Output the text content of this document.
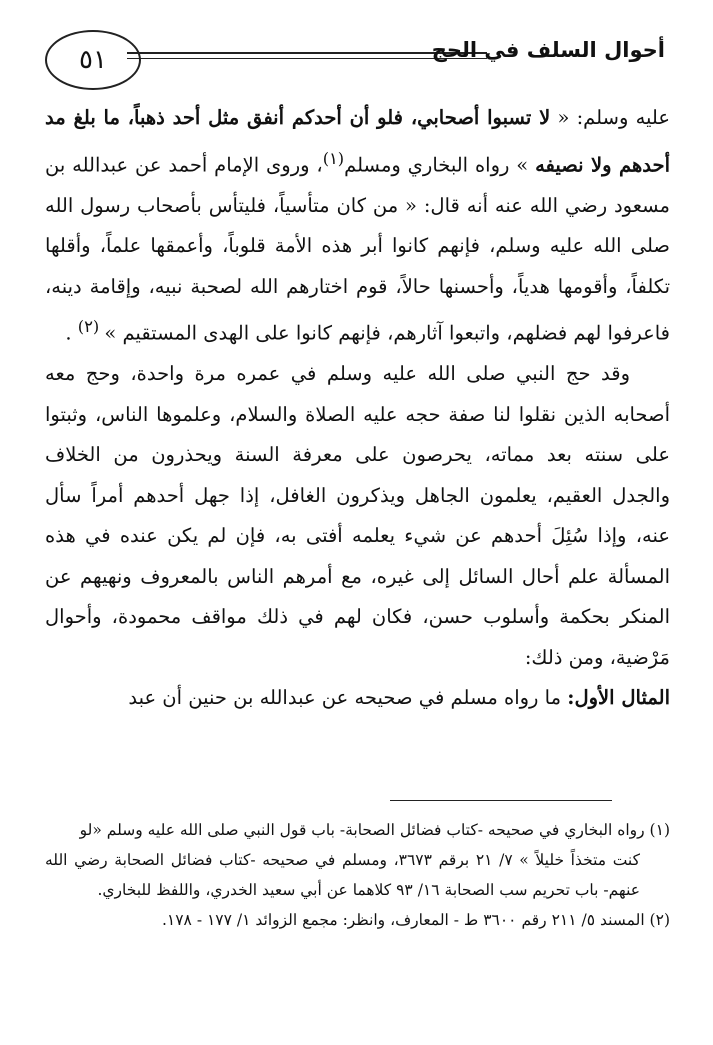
٥١	أحوال السلف في الحج

عليه وسلم: « لا تسبوا أصحابي، فلو أن أحدكم أنفق مثل أحد ذهباً، ما بلغ مد أحدهم ولا نصيفه » رواه البخاري ومسلم$^{(١)}$، وروى الإمام أحمد عن عبدالله بن مسعود رضي الله عنه أنه قال: « من كان متأسياً، فليتأس بأصحاب رسول الله صلى الله عليه وسلم، فإنهم كانوا أبر هذه الأمة قلوباً، وأعمقها علماً، وأقلها تكلفاً، وأقومها هدياً، وأحسنها حالاً، قوم اختارهم الله لصحبة نبيه، وإقامة دينه، فاعرفوا لهم فضلهم، واتبعوا آثارهم، فإنهم كانوا على الهدى المستقيم » $^{(٢)}$ .

وقد حج النبي صلى الله عليه وسلم في عمره مرة واحدة، وحج معه أصحابه الذين نقلوا لنا صفة حجه عليه الصلاة والسلام، وعلموها الناس، وثبتوا على سنته بعد مماته، يحرصون على معرفة السنة ويحذرون من الخلاف والجدل العقيم، يعلمون الجاهل ويذكرون الغافل، إذا جهل أحدهم أمراً سأل عنه، وإذا سُئِلَ أحدهم عن شيء يعلمه أفتى به، فإن لم يكن عنده في هذه المسألة علم أحال السائل إلى غيره، مع أمرهم الناس بالمعروف ونهيهم عن المنكر بحكمة وأسلوب حسن، فكان لهم في ذلك مواقف محمودة، وأحوال مَرْضية، ومن ذلك:

المثال الأول: ما رواه مسلم في صحيحه عن عبدالله بن حنين أن عبد

(١) رواه البخاري في صحيحه -كتاب فضائل الصحابة- باب قول النبي صلى الله عليه وسلم «لو

كنت متخذاً خليلاً » ٧/ ٢١ برقم ٣٦٧٣، ومسلم في صحيحه -كتاب فضائل الصحابة رضي الله عنهم- باب تحريم سب الصحابة ١٦/ ٩٣ كلاهما عن أبي سعيد الخدري، واللفظ للبخاري.

(٢) المسند ٥/ ٢١١ رقم ٣٦٠٠ ط - المعارف، وانظر: مجمع الزوائد ١/ ١٧٧ - ١٧٨.
